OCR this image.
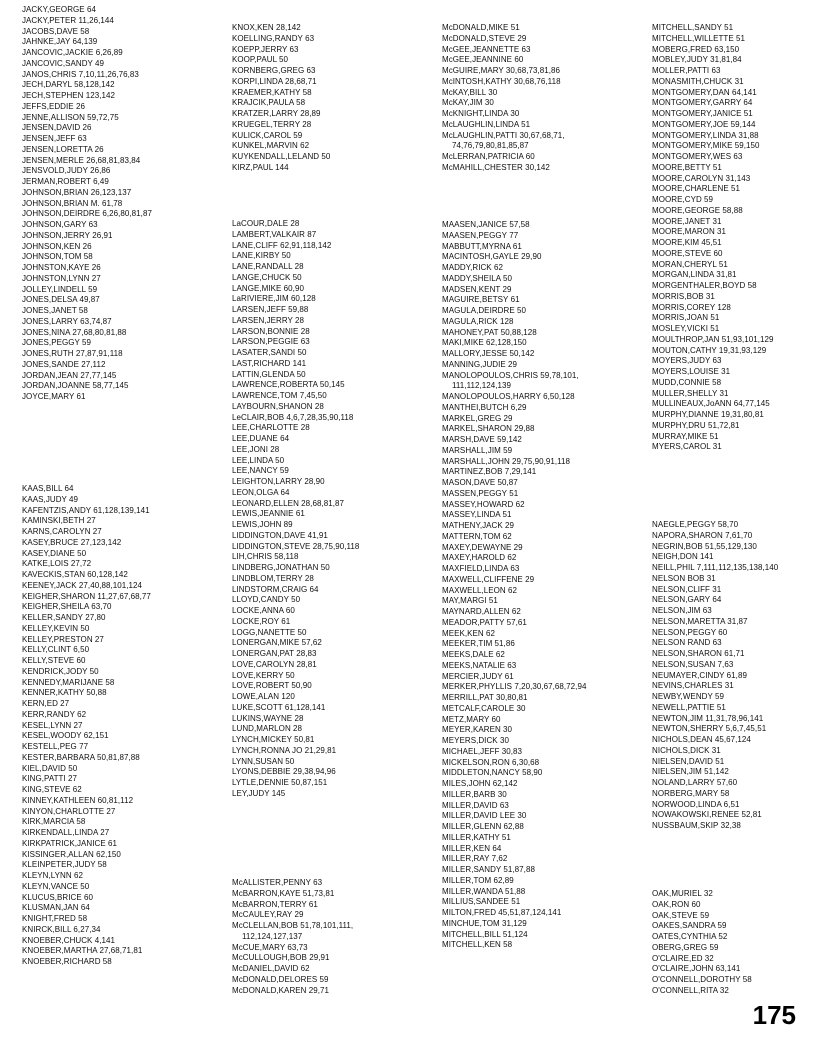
JACKY,GEORGE 64
JACKY,PETER 11,26,144
JACOBS,DAVE 58
JAHNKE,JAY 64,139
JANCOVIC,JACKIE 6,26,89
JANCOVIC,SANDY 49
JANOS,CHRIS 7,10,11,26,76,83
JECH,DARYL 58,128,142
JECH,STEPHEN 123,142
JEFFS,EDDIE 26
JENNE,ALLISON 59,72,75
JENSEN,DAVID 26
JENSEN,JEFF 63
JENSEN,LORETTA 26
JENSEN,MERLE 26,68,81,83,84
JENSVOLD,JUDY 26,86
JERMAN,ROBERT 6,49
JOHNSON,BRIAN 26,123,137
JOHNSON,BRIAN M. 61,78
JOHNSON,DEIRDRE 6,26,80,81,87
JOHNSON,GARY 63
JOHNSON,JERRY 26,91
JOHNSON,KEN 26
JOHNSON,TOM 58
JOHNSTON,KAYE 26
JOHNSTON,LYNN 27
JOLLEY,LINDELL 59
JONES,DELSA 49,87
JONES,JANET 58
JONES,LARRY 63,74,87
JONES,NINA 27,68,80,81,88
JONES,PEGGY 59
JONES,RUTH 27,87,91,118
JONES,SANDE 27,112
JORDAN,JEAN 27,77,145
JORDAN,JOANNE 58,77,145
JOYCE,MARY 61
KAAS,BILL 64
KAAS,JUDY 49
KAFENTZIS,ANDY 61,128,139,141
KAMINSKI,BETH 27
KARNS,CAROLYN 27
KASEY,BRUCE 27,123,142
KASEY,DIANE 50
KATKE,LOIS 27,72
KAVECKIS,STAN 60,128,142
KEENEY,JACK 27,40,88,101,124
KEIGHER,SHARON 11,27,67,68,77
KEIGHER,SHEILA 63,70
KELLER,SANDY 27,80
KELLEY,KEVIN 50
KELLEY,PRESTON 27
KELLY,CLINT 6,50
KELLY,STEVE 60
KENDRICK,JODY 50
KENNEDY,MARIJANE 58
KENNER,KATHY 50,88
KERN,ED 27
KERR,RANDY 62
KESEL,LYNN 27
KESEL,WOODY 62,151
KESTELL,PEG 77
KESTER,BARBARA 50,81,87,88
KIEL,DAVID 50
KING,PATTI 27
KING,STEVE 62
KINNEY,KATHLEEN 60,81,112
KINYON,CHARLOTTE 27
KIRK,MARCIA 58
KIRKENDALL,LINDA 27
KIRKPATRICK,JANICE 61
KISSINGER,ALLAN 62,150
KLEINPETER,JUDY 58
KLEYN,LYNN 62
KLEYN,VANCE 50
KLUCUS,BRICE 60
KLUSMAN,JAN 64
KNIGHT,FRED 58
KNIRCK,BILL 6,27,34
KNOEBER,CHUCK 4,141
KNOEBER,MARTHA 27,68,71,81
KNOEBER,RICHARD 58
KNOX,KEN 28,142
KOELLING,RANDY 63
KOEPP,JERRY 63
KOOP,PAUL 50
KORNBERG,GREG 63
KORPI,LINDA 28,68,71
KRAEMER,KATHY 58
KRAJCIK,PAULA 58
KRATZER,LARRY 28,89
KRUEGEL,TERRY 28
KULICK,CAROL 59
KUNKEL,MARVIN 62
KUYKENDALL,LELAND 50
KIRZ,PAUL 144
LaCOUR,DALE 28
LAMBERT,VALKAIR 87
LANE,CLIFF 62,91,118,142
LANE,KIRBY 50
LANE,RANDALL 28
LANGE,CHUCK 50
LANGE,MIKE 60,90
LaRIVIERE,JIM 60,128
LARSEN,JEFF 59,88
LARSEN,JERRY 28
LARSON,BONNIE 28
LARSON,PEGGIE 63
LASATER,SANDI 50
LAST,RICHARD 141
LATTIN,GLENDA 50
LAWRENCE,ROBERTA 50,145
LAWRENCE,TOM 7,45,50
LAYBOURN,SHANON 28
LeCLAIR,BOB 4,6,7,28,35,90,118
LEE,CHARLOTTE 28
LEE,DUANE 64
LEE,JONI 28
LEE,LINDA 50
LEE,NANCY 59
LEIGHTON,LARRY 28,90
LEON,OLGA 64
LEONARD,ELLEN 28,68,81,87
LEWIS,JEANNIE 61
LEWIS,JOHN 89
LIDDINGTON,DAVE 41,91
LIDDINGTON,STEVE 28,75,90,118
LIH,CHRIS 58,118
LINDBERG,JONATHAN 50
LINDBLOM,TERRY 28
LINDSTORM,CRAIG 64
LLOYD,CANDY 50
LOCKE,ANNA 60
LOCKE,ROY 61
LOGG,NANETTE 50
LONERGAN,MIKE 57,62
LONERGAN,PAT 28,83
LOVE,CAROLYN 28,81
LOVE,KERRY 50
LOVE,ROBERT 50,90
LOWE,ALAN 120
LUKE,SCOTT 61,128,141
LUKINS,WAYNE 28
LUND,MARLON 28
LYNCH,MICKEY 50,81
LYNCH,RONNA JO 21,29,81
LYNN,SUSAN 50
LYONS,DEBBIE 29,38,94,96
LYTLE,DENNIE 50,87,151
LEY,JUDY 145
McALLISTER,PENNY 63
McBARRON,KAYE 51,73,81
McBARRON,TERRY 61
McCAULEY,RAY 29
McCLELLAN,BOB 51,78,101,111,
112,124,127,137
McCUE,MARY 63,73
McCULLOUGH,BOB 29,91
McDANIEL,DAVID 62
McDONALD,DELORES 59
McDONALD,KAREN 29,71
McDONALD,MIKE 51
McDONALD,STEVE 29
McGEE,JEANNETTE 63
McGEE,JEANNINE 60
McGUIRE,MARY 30,68,73,81,86
McINTOSH,KATHY 30,68,76,118
McKAY,BILL 30
McKAY,JIM 30
McKNIGHT,LINDA 30
McLAUGHLIN,LINDA 51
McLAUGHLIN,PATTI 30,67,68,71,
74,76,79,80,81,85,87
McLERRAN,PATRICIA 60
McMAHILL,CHESTER 30,142
MAASEN,JANICE 57,58
MAASEN,PEGGY 77
MABBUTT,MYRNA 61
MACINTOSH,GAYLE 29,90
MADDY,RICK 62
MADDY,SHEILA 50
MADSEN,KENT 29
MAGUIRE,BETSY 61
MAGULA,DEIRDRE 50
MAGULA,RICK 128
MAHONEY,PAT 50,88,128
MAKI,MIKE 62,128,150
MALLORY,JESSE 50,142
MANNING,JUDIE 29
MANOLOPOULOS,CHRIS 59,78,101,
111,112,124,139
MANOLOPOULOS,HARRY 6,50,128
MANTHEI,BUTCH 6,29
MARKEL,GREG 29
MARKEL,SHARON 29,88
MARSH,DAVE 59,142
MARSHALL,JIM 59
MARSHALL,JOHN 29,75,90,91,118
MARTINEZ,BOB 7,29,141
MASON,DAVE 50,87
MASSEN,PEGGY 51
MASSEY,HOWARD 62
MASSEY,LINDA 51
MATHENY,JACK 29
MATTERN,TOM 62
MAXEY,DEWAYNE 29
MAXEY,HAROLD 62
MAXFIELD,LINDA 63
MAXWELL,CLIFFENE 29
MAXWELL,LEON 62
MAY,MARGI 51
MAYNARD,ALLEN 62
MEADOR,PATTY 57,61
MEEK,KEN 62
MEEKER,TIM 51,86
MEEKS,DALE 62
MEEKS,NATALIE 63
MERCIER,JUDY 61
MERKER,PHYLLIS 7,20,30,67,68,72,94
MERRILL,PAT 30,80,81
METCALF,CAROLE 30
METZ,MARY 60
MEYER,KAREN 30
MEYERS,DICK 30
MICHAEL,JEFF 30,83
MICKELSON,RON 6,30,68
MIDDLETON,NANCY 58,90
MILES,JOHN 62,142
MILLER,BARB 30
MILLER,DAVID 63
MILLER,DAVID LEE 30
MILLER,GLENN 62,88
MILLER,KATHY 51
MILLER,KEN 64
MILLER,RAY 7,62
MILLER,SANDY 51,87,88
MILLER,TOM 62,89
MILLER,WANDA 51,88
MILLIUS,SANDEE 51
MILTON,FRED 45,51,87,124,141
MINCHUE,TOM 31,129
MITCHELL,BILL 51,124
MITCHELL,KEN 58
MITCHELL,SANDY 51
MITCHELL,WILLETTE 51
MOBERG,FRED 63,150
MOBLEY,JUDY 31,81,84
MOLLER,PATTI 63
MONASMITH,CHUCK 31
MONTGOMERY,DAN 64,141
MONTGOMERY,GARRY 64
MONTGOMERY,JANICE 51
MONTGOMERY,JOE 59,144
MONTGOMERY,LINDA 31,88
MONTGOMERY,MIKE 59,150
MONTGOMERY,WES 63
MOORE,BETTY 51
MOORE,CAROLYN 31,143
MOORE,CHARLENE 51
MOORE,CYD 59
MOORE,GEORGE 58,88
MOORE,JANET 31
MOORE,MARON 31
MOORE,KIM 45,51
MOORE,STEVE 60
MORAN,CHERYL 51
MORGAN,LINDA 31,81
MORGENTHALER,BOYD 58
MORRIS,BOB 31
MORRIS,COREY 128
MORRIS,JOAN 51
MOSLEY,VICKI 51
MOULTHROP,JAN 51,93,101,129
MOUTON,CATHY 19,31,93,129
MOYERS,JUDY 63
MOYERS,LOUISE 31
MUDD,CONNIE 58
MULLER,SHELLY 31
MULLINEAUX,JoANN 64,77,145
MURPHY,DIANNE 19,31,80,81
MURPHY,DRU 51,72,81
MURRAY,MIKE 51
MYERS,CAROL 31
NAEGLE,PEGGY 58,70
NAPORA,SHARON 7,61,70
NEGRIN,BOB 51,55,129,130
NEIGH,DON 141
NEILL,PHIL 7,111,112,135,138,140
NELSON BOB 31
NELSON,CLIFF 31
NELSON,GARY 64
NELSON,JIM 63
NELSON,MARETTA 31,87
NELSON,PEGGY 60
NELSON RAND 63
NELSON,SHARON 61,71
NELSON,SUSAN 7,63
NEUMAYER,CINDY 61,89
NEVINS,CHARLES 31
NEWBY,WENDY 59
NEWELL,PATTIE 51
NEWTON,JIM 11,31,78,96,141
NEWTON,SHERRY 5,6,7,45,51
NICHOLS,DEAN 45,67,124
NICHOLS,DICK 31
NIELSEN,DAVID 51
NIELSEN,JIM 51,142
NOLAND,LARRY 57,60
NORBERG,MARY 58
NORWOOD,LINDA 6,51
NOWAKOWSKI,RENEE 52,81
NUSSBAUM,SKIP 32,38
OAK,MURIEL 32
OAK,RON 60
OAK,STEVE 59
OAKES,SANDRA 59
OATES,CYNTHIA 52
OBERG,GREG 59
O'CLAIRE,ED 32
O'CLAIRE,JOHN 63,141
O'CONNELL,DOROTHY 58
O'CONNELL,RITA 32
175
